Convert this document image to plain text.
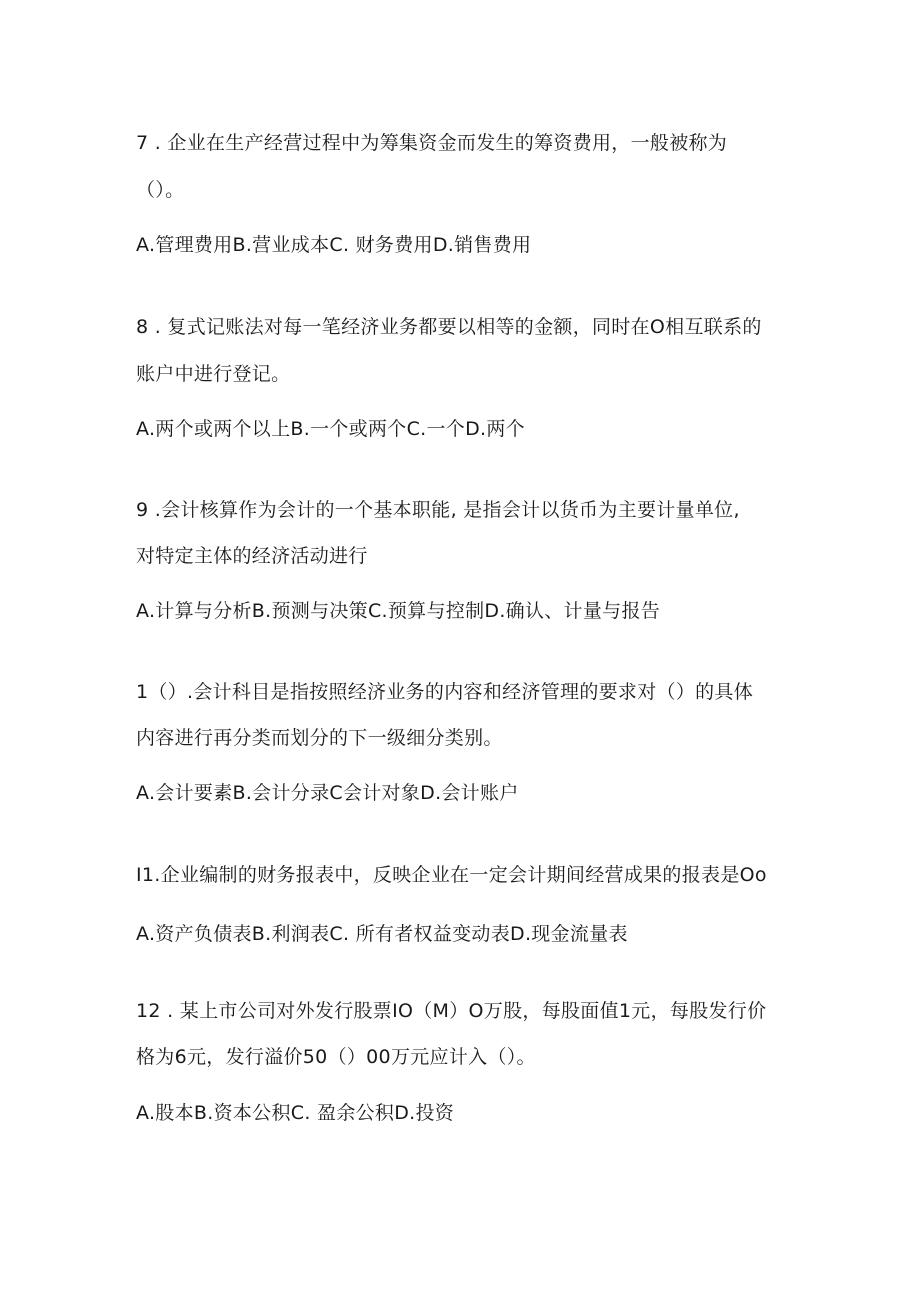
7 . 企业在生产经营过程中为筹集资金而发生的筹资费用，一般被称为
（）。
A.管理费用B.营业成本C. 财务费用D.销售费用
8 . 复式记账法对每一笔经济业务都要以相等的金额，同时在O相互联系的
账户中进行登记。
A.两个或两个以上B.一个或两个C.一个D.两个
9 .会计核算作为会计的一个基本职能, 是指会计以货币为主要计量单位,
对特定主体的经济活动进行
A.计算与分析B.预测与决策C.预算与控制D.确认、计量与报告
1（）.会计科目是指按照经济业务的内容和经济管理的要求对（）的具体
内容进行再分类而划分的下一级细分类别。
A.会计要素B.会计分录C会计对象D.会计账户
I1.企业编制的财务报表中，反映企业在一定会计期间经营成果的报表是Oo
A.资产负债表B.利润表C. 所有者权益变动表D.现金流量表
12 . 某上市公司对外发行股票IO（M）O万股，每股面值1元，每股发行价
格为6元，发行溢价50（）00万元应计入（）。
A.股本B.资本公积C. 盈余公积D.投资
